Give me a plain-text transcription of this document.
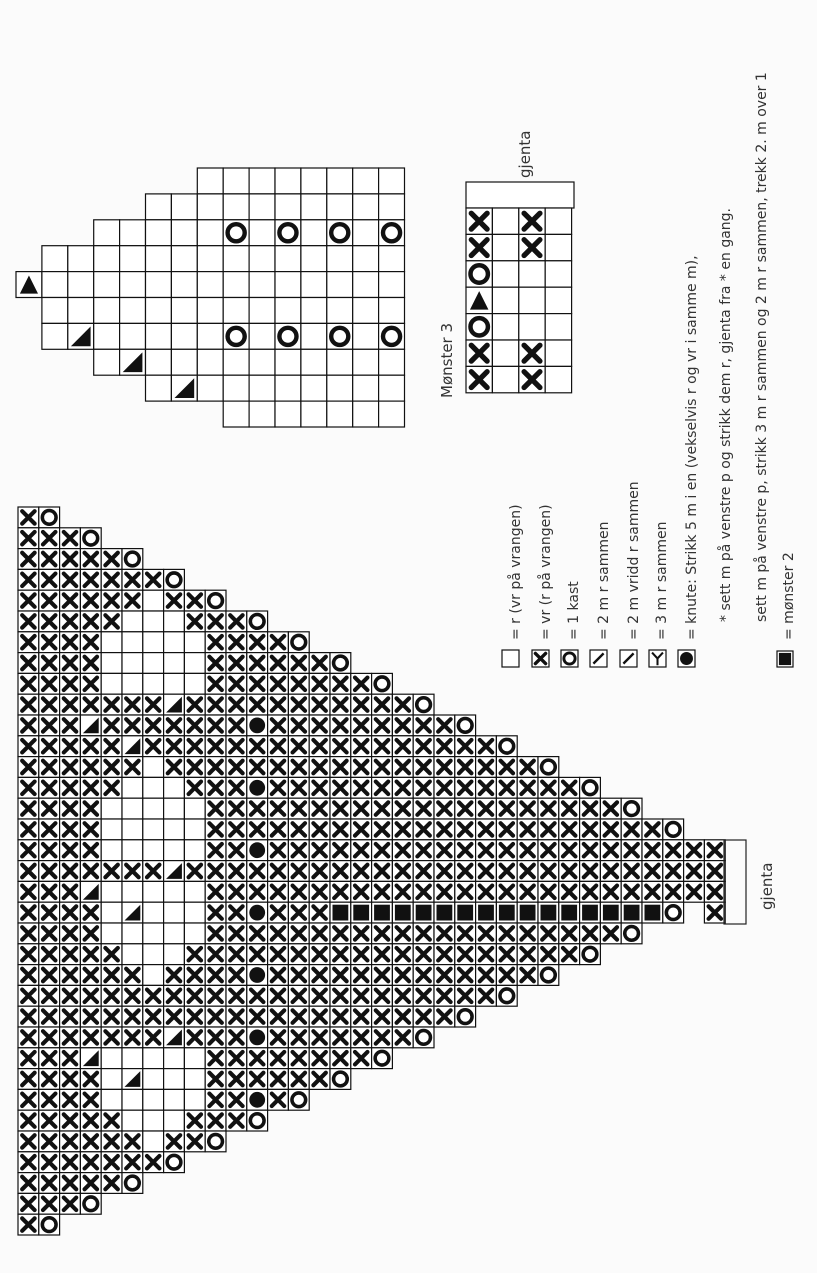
gjenta
Mønster 3
gjenta
= r (vr på vrangen) = vr (r på vrangen) = 1 kast = 2 m r sammen = 2 m vridd r sammen = 3 m r sammen = knute: Strikk 5 m i en (vekselvis r og vr i samme m), * sett m på venstre p og strikk dem r, gjenta fra * en gang. sett m på venstre p, strikk 3 m r sammen og 2 m r sammen, trekk 2. m over 1 = mønster 2
